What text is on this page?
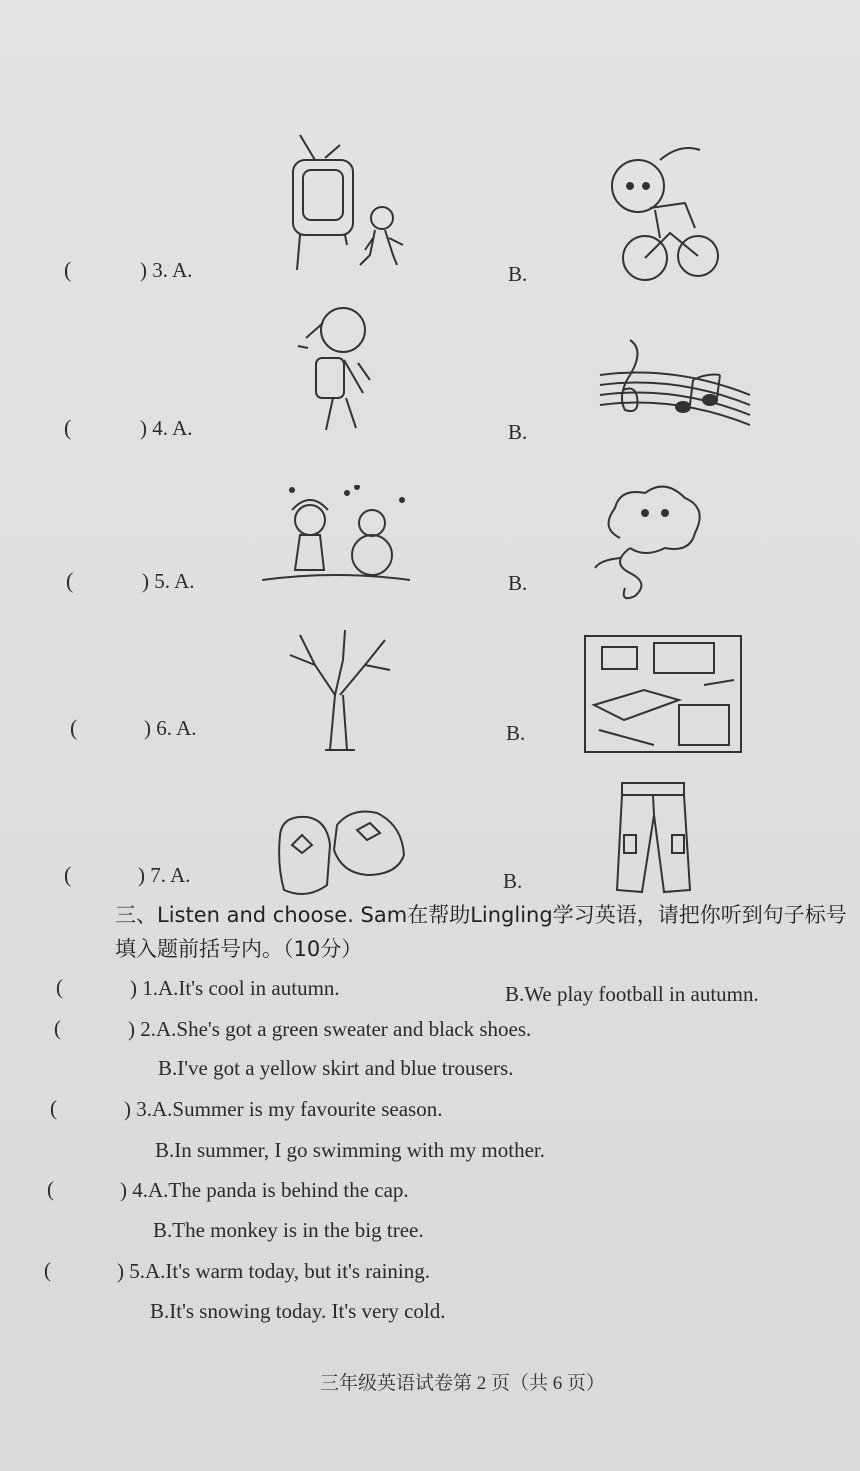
(	) 3. A.	B.
(	) 4. A.	B.
(	) 5. A.	B.
(	) 6. A.	B.
(	) 7. A.	B.
三、Listen and choose. Sam在帮助Lingling学习英语，请把你听到句子标号填入题前括号内。（10分）
(	) 1.A.It's cool in autumn.	B.We play football in autumn.
(	) 2.A.She's got a green sweater and black shoes.
B.I've got a yellow skirt and blue trousers.
(	) 3.A.Summer is my favourite season.
B.In summer, I go swimming with my mother.
(	) 4.A.The panda is behind the cap.
B.The monkey is in the big tree.
(	) 5.A.It's warm today, but it's raining.
B.It's snowing today. It's very cold.
三年级英语试卷第 2 页（共 6 页）
